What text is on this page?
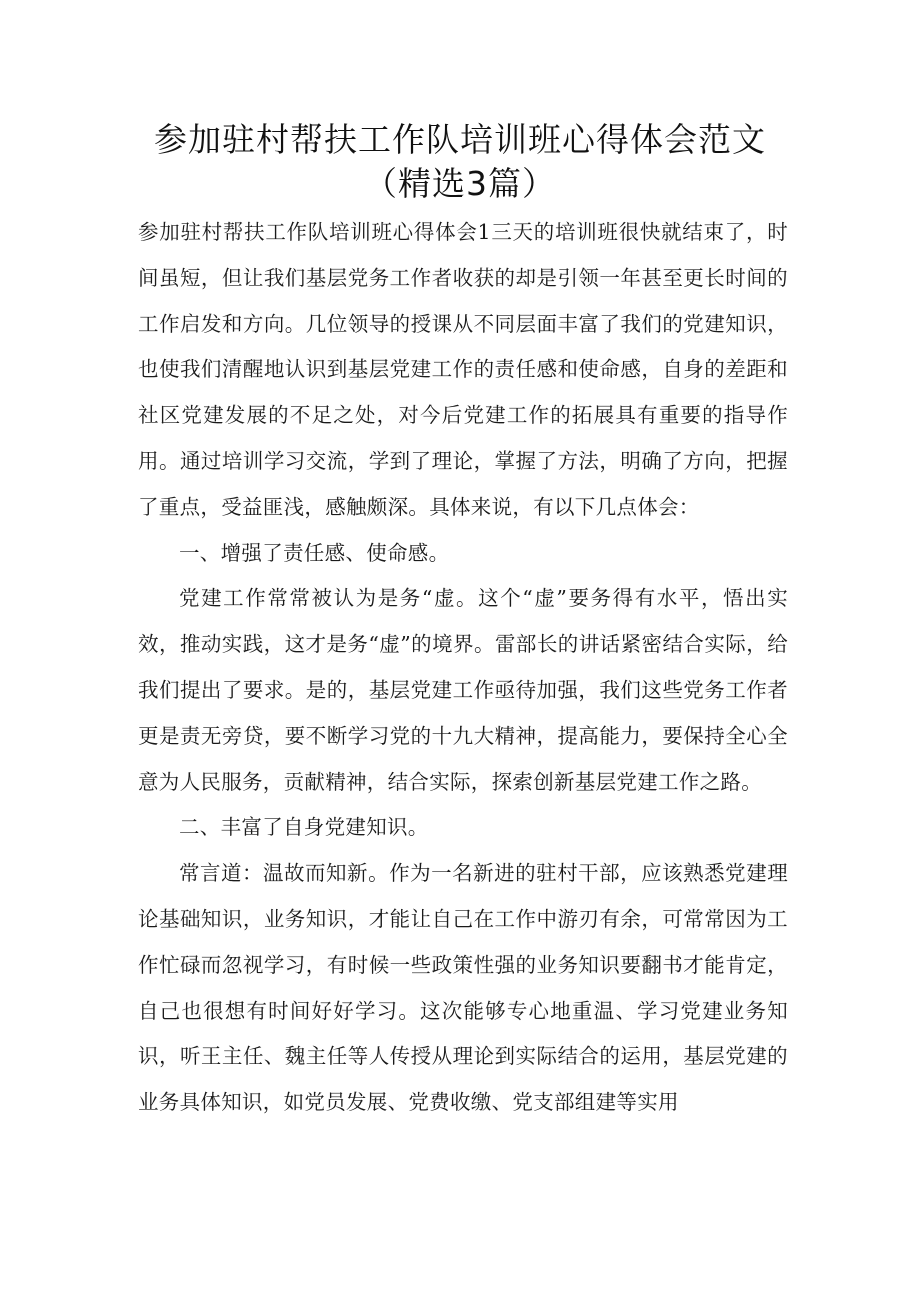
参加驻村帮扶工作队培训班心得体会范文
（精选3篇）

参加驻村帮扶工作队培训班心得体会1三天的培训班很快就结束了，时间虽短，但让我们基层党务工作者收获的却是引领一年甚至更长时间的工作启发和方向。几位领导的授课从不同层面丰富了我们的党建知识，也使我们清醒地认识到基层党建工作的责任感和使命感，自身的差距和社区党建发展的不足之处，对今后党建工作的拓展具有重要的指导作用。通过培训学习交流，学到了理论，掌握了方法，明确了方向，把握了重点，受益匪浅，感触颇深。具体来说，有以下几点体会：

一、增强了责任感、使命感。

党建工作常常被认为是务“虚。这个“虚”要务得有水平，悟出实效，推动实践，这才是务“虚”的境界。雷部长的讲话紧密结合实际，给我们提出了要求。是的，基层党建工作亟待加强，我们这些党务工作者更是责无旁贷，要不断学习党的十九大精神，提高能力，要保持全心全意为人民服务，贡献精神，结合实际，探索创新基层党建工作之路。

二、丰富了自身党建知识。

常言道：温故而知新。作为一名新进的驻村干部，应该熟悉党建理论基础知识，业务知识，才能让自己在工作中游刃有余，可常常因为工作忙碌而忽视学习，有时候一些政策性强的业务知识要翻书才能肯定，自己也很想有时间好好学习。这次能够专心地重温、学习党建业务知识，听王主任、魏主任等人传授从理论到实际结合的运用，基层党建的业务具体知识，如党员发展、党费收缴、党支部组建等实用
